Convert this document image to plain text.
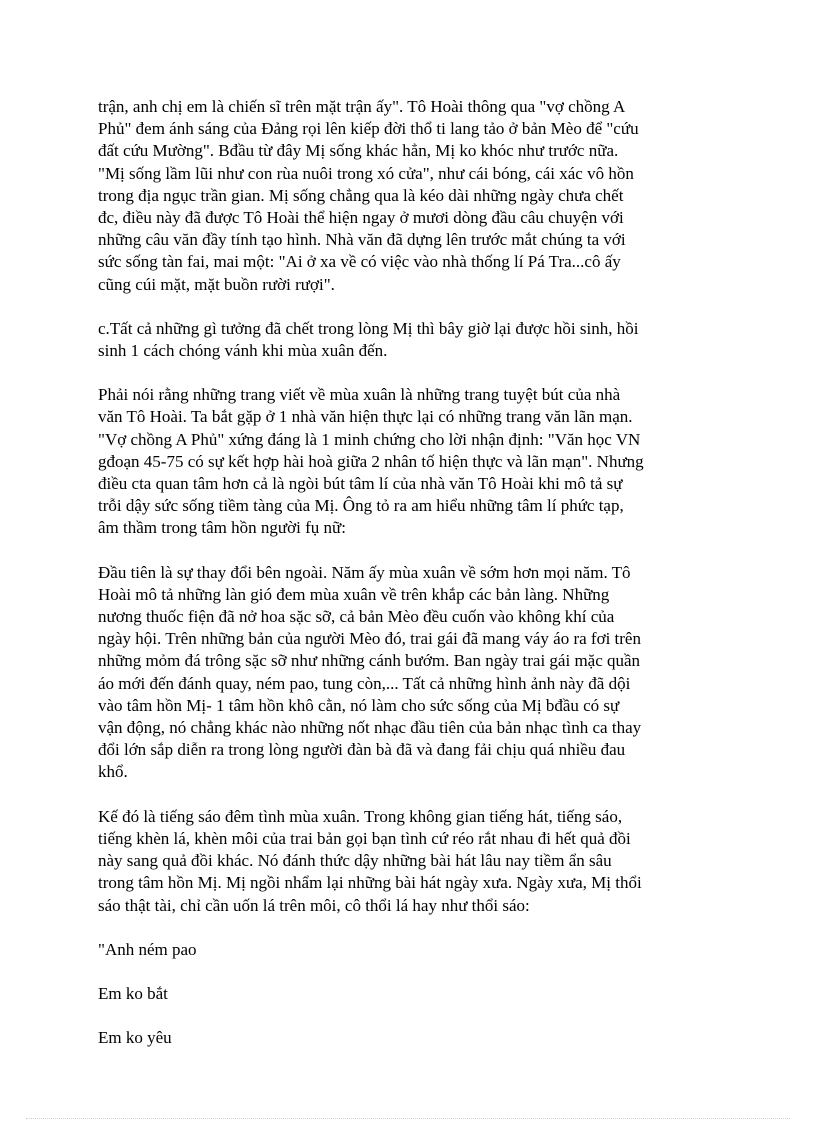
trận, anh chị em là chiến sĩ trên mặt trận ấy". Tô Hoài thông qua "vợ chồng A
Phủ" đem ánh sáng của Đảng rọi lên kiếp đời thổ ti lang tảo ở bản Mèo để "cứu
đất cứu Mường". Bđầu từ đây Mị sống khác hẳn, Mị ko khóc như trước nữa.
"Mị sống lầm lũi như con rùa nuôi trong xó cửa", như cái bóng, cái xác vô hồn
trong địa ngục trần gian. Mị sống chẳng qua là kéo dài những ngày chưa chết
đc, điều này đã được Tô Hoài thể hiện ngay ở mươi dòng đầu câu chuyện với
những câu văn đầy tính tạo hình. Nhà văn đã dựng lên trước mắt chúng ta với
sức sống tàn fai, mai một: "Ai ở xa về có việc vào nhà thống lí Pá Tra...cô ấy
cũng cúi mặt, mặt buồn rười rượi".
c.Tất cả những gì tưởng đã chết trong lòng Mị thì bây giờ lại được hồi sinh, hồi
sinh 1 cách chóng vánh khi mùa xuân đến.
Phải nói rằng những trang viết về mùa xuân là những trang tuyệt bút của nhà
văn Tô Hoài. Ta bắt gặp ở 1 nhà văn hiện thực lại có những trang văn lãn mạn.
"Vợ chồng A Phủ" xứng đáng là 1 minh chứng cho lời nhận định: "Văn học VN
gđoạn 45-75 có sự kết hợp hài hoà giữa 2 nhân tố hiện thực và lãn mạn". Nhưng
điều cta quan tâm hơn cả là ngòi bút tâm lí của nhà văn Tô Hoài khi mô tả sự
trỗi dậy sức sống tiềm tàng của Mị. Ông tỏ ra am hiểu những tâm lí phức tạp,
âm thầm trong tâm hồn người fụ nữ:
Đầu tiên là sự thay đổi bên ngoài. Năm ấy mùa xuân về sớm hơn mọi năm. Tô
Hoài mô tả những làn gió đem mùa xuân về trên khắp các bản làng. Những
nương thuốc fiện đã nở hoa sặc sỡ, cả bản Mèo đều cuốn vào không khí của
ngày hội. Trên những bản của người Mèo đó, trai gái đã mang váy áo ra fơi trên
những mỏm đá trông sặc sỡ như những cánh bướm. Ban ngày trai gái mặc quần
áo mới đến đánh quay, ném pao, tung còn,... Tất cả những hình ảnh này đã dội
vào tâm hồn Mị- 1 tâm hồn khô cằn, nó làm cho sức sống của Mị bđầu có sự
vận động, nó chẳng khác nào những nốt nhạc đầu tiên của bản nhạc tình ca thay
đổi lớn sắp diễn ra trong lòng người đàn bà đã và đang fải chịu quá nhiều đau
khổ.
Kế đó là tiếng sáo đêm tình mùa xuân. Trong không gian tiếng hát, tiếng sáo,
tiếng khèn lá, khèn môi của trai bản gọi bạn tình cứ réo rắt nhau đi hết quả đồi
này sang quả đồi khác. Nó đánh thức dậy những bài hát lâu nay tiềm ẩn sâu
trong tâm hồn Mị. Mị ngồi nhẩm lại những bài hát ngày xưa. Ngày xưa, Mị thổi
sáo thật tài, chỉ cần uốn lá trên môi, cô thổi lá hay như thổi sáo:
"Anh ném pao
Em ko bắt
Em ko yêu
